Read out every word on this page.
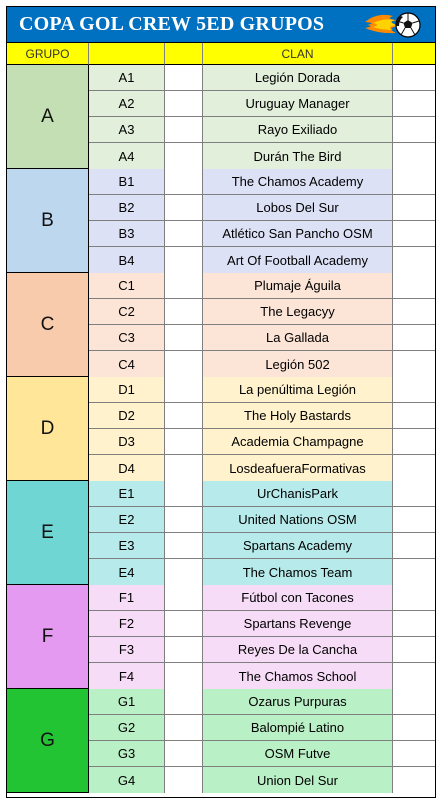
COPA GOL CREW 5ED GRUPOS
GRUPO	CLAN
A
A1	Legión Dorada
A2	Uruguay Manager
A3	Rayo Exiliado
A4	Durán The Bird
B
B1	The Chamos Academy
B2	Lobos Del Sur
B3	Atlético San Pancho OSM
B4	Art Of Football Academy
C
C1	Plumaje Águila
C2	The Legacyy
C3	La Gallada
C4	Legión 502
D
D1	La penúltima Legión
D2	The Holy Bastards
D3	Academia Champagne
D4	LosdeafueraFormativas
E
E1	UrChanisPark
E2	United Nations OSM
E3	Spartans Academy
E4	The Chamos Team
F
F1	Fútbol con Tacones
F2	Spartans Revenge
F3	Reyes De la Cancha
F4	The Chamos School
G
G1	Ozarus Purpuras
G2	Balompié Latino
G3	OSM Futve
G4	Union Del Sur
